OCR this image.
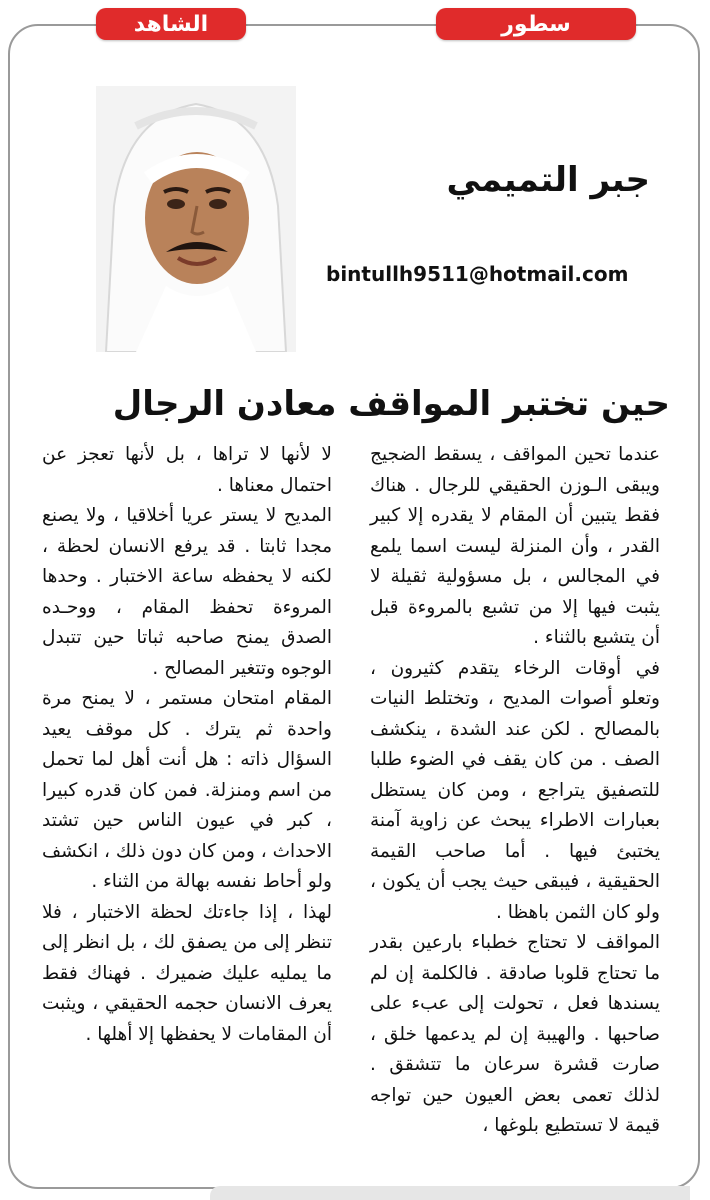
سطور
الشاهد
جبر التميمي
bintullh9511@hotmail.com
حين تختبر المواقف معادن الرجال

عندما تحين المواقف ، يسقط الضجيج ويبقى الـوزن الحقيقي للرجال . هناك فقط يتبين أن المقام لا يقدره إلا كبير القدر ، وأن المنزلة ليست اسما يلمع في المجالس ، بل مسؤولية ثقيلة لا يثبت فيها إلا من تشبع بالمروءة قبل أن يتشبع بالثناء .

في أوقات الرخاء يتقدم كثيرون ، وتعلو أصوات المديح ، وتختلط النيات بالمصالح . لكن عند الشدة ، ينكشف الصف . من كان يقف في الضوء طلبا للتصفيق يتراجع ، ومن كان يستظل بعبارات الاطراء يبحث عن زاوية آمنة يختبئ فيها . أما صاحب القيمة الحقيقية ، فيبقى حيث يجب أن يكون ، ولو كان الثمن باهظا .

المواقف لا تحتاج خطباء بارعين بقدر ما تحتاج قلوبا صادقة . فالكلمة إن لم يسندها فعل ، تحولت إلى عبء على صاحبها . والهيبة إن لم يدعمها خلق ، صارت قشرة سرعان ما تتشقق . لذلك تعمى بعض العيون حين تواجه قيمة لا تستطيع بلوغها ،

لا لأنها لا تراها ، بل لأنها تعجز عن احتمال معناها .

المديح لا يستر عريا أخلاقيا ، ولا يصنع مجدا ثابتا . قد يرفع الانسان لحظة ، لكنه لا يحفظه ساعة الاختبار . وحدها المروءة تحفظ المقام ، ووحـده الصدق يمنح صاحبه ثباتا حين تتبدل الوجوه وتتغير المصالح .

المقام امتحان مستمر ، لا يمنح مرة واحدة ثم يترك . كل موقف يعيد السؤال ذاته : هل أنت أهل لما تحمل من اسم ومنزلة. فمن كان قدره كبيرا ، كبر في عيون الناس حين تشتد الاحداث ، ومن كان دون ذلك ، انكشف ولو أحاط نفسه بهالة من الثناء .

لهذا ، إذا جاءتك لحظة الاختبار ، فلا تنظر إلى من يصفق لك ، بل انظر إلى ما يمليه عليك ضميرك . فهناك فقط يعرف الانسان حجمه الحقيقي ، ويثبت أن المقامات لا يحفظها إلا أهلها .
